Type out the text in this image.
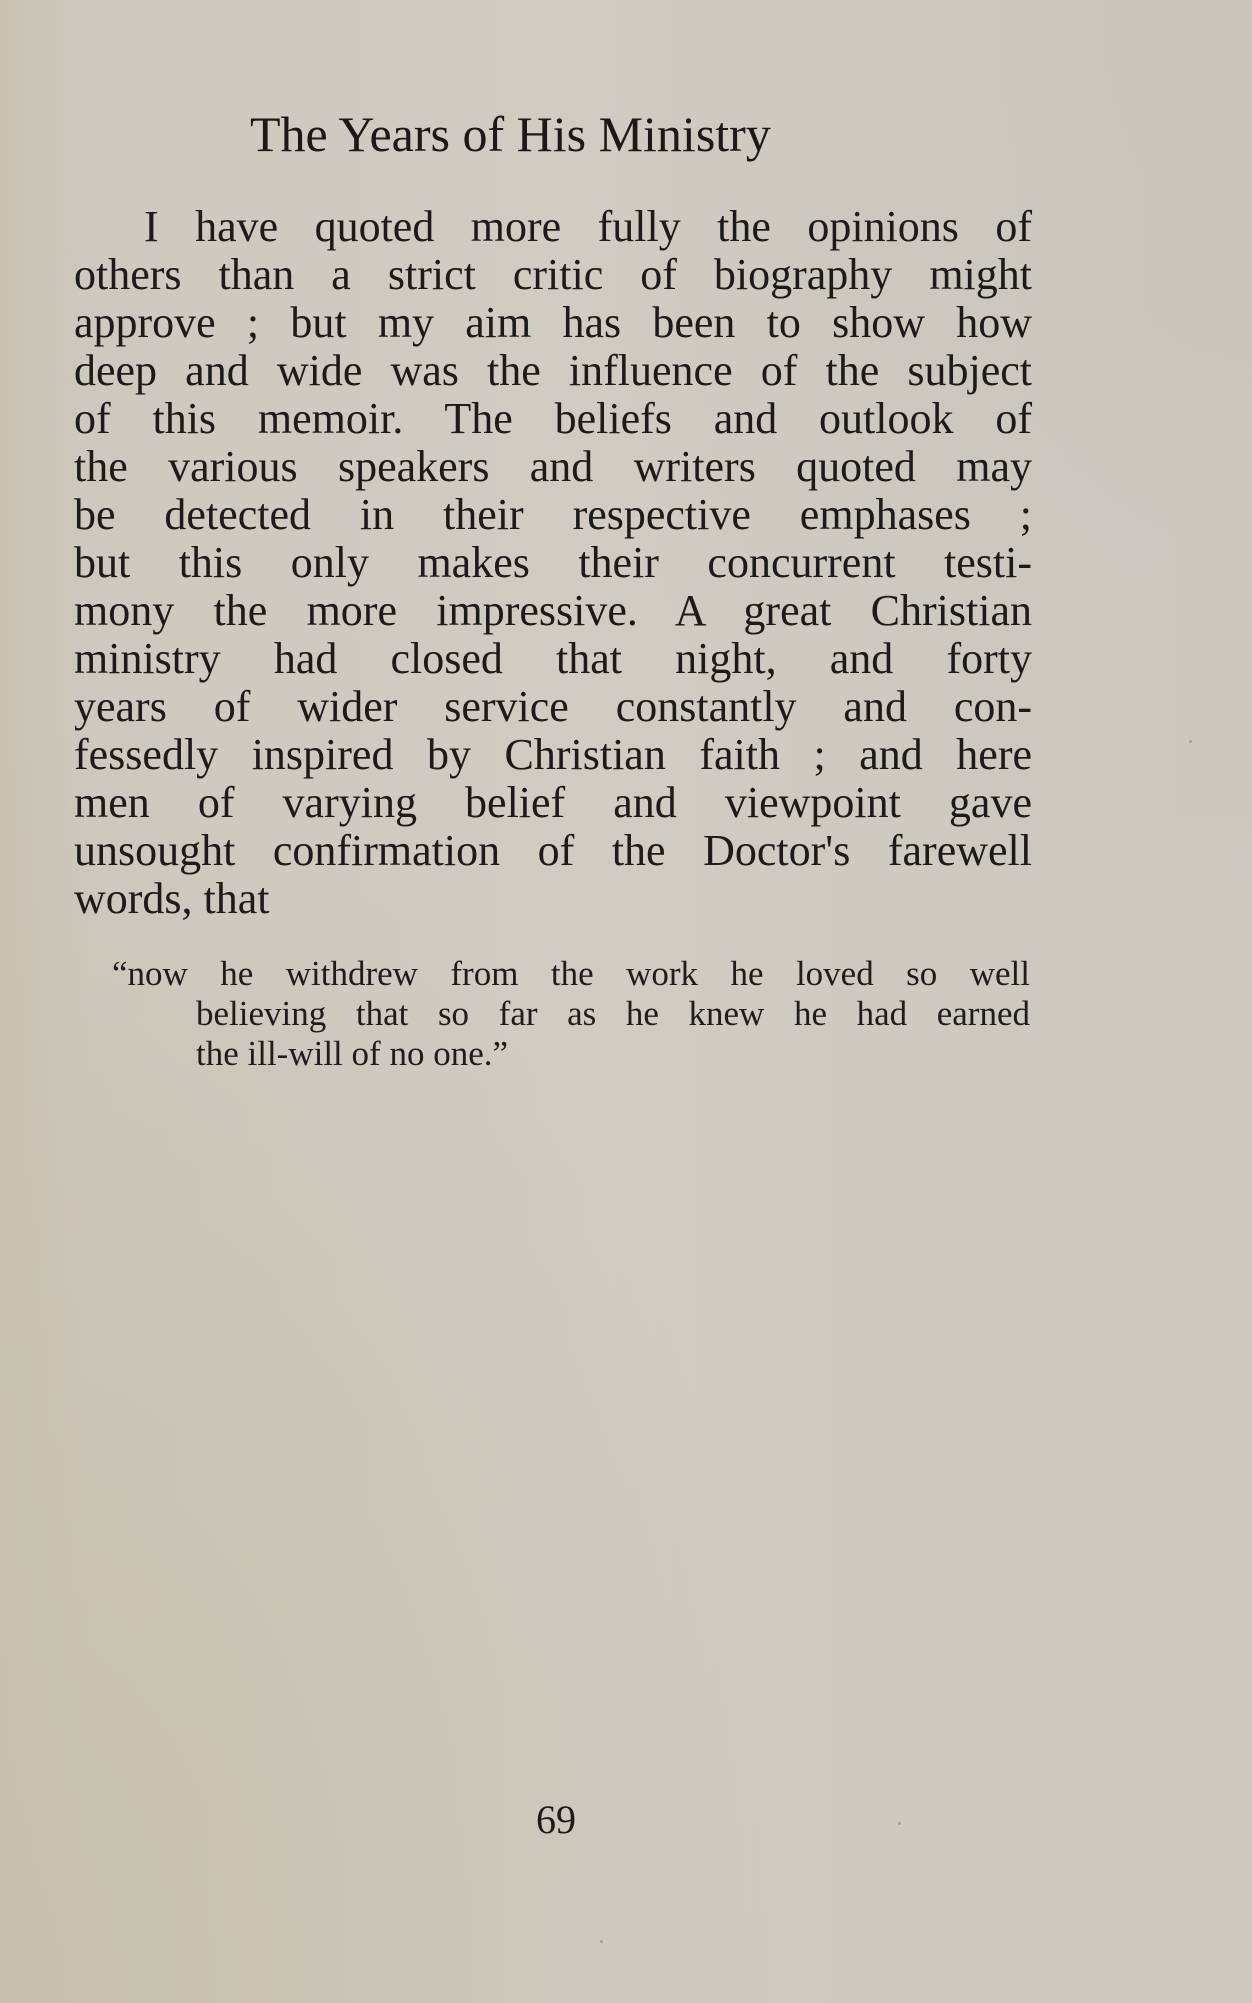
The Years of His Ministry
I have quoted more fully the opinions of
others than a strict critic of biography might
approve ; but my aim has been to show how
deep and wide was the influence of the subject
of this memoir. The beliefs and outlook of
the various speakers and writers quoted may
be detected in their respective emphases ;
but this only makes their concurrent testi-
mony the more impressive. A great Christian
ministry had closed that night, and forty
years of wider service constantly and con-
fessedly inspired by Christian faith ; and here
men of varying belief and viewpoint gave
unsought confirmation of the Doctor's farewell
words, that
“now he withdrew from the work he loved so well
believing that so far as he knew he had earned
the ill-will of no one.”
69
